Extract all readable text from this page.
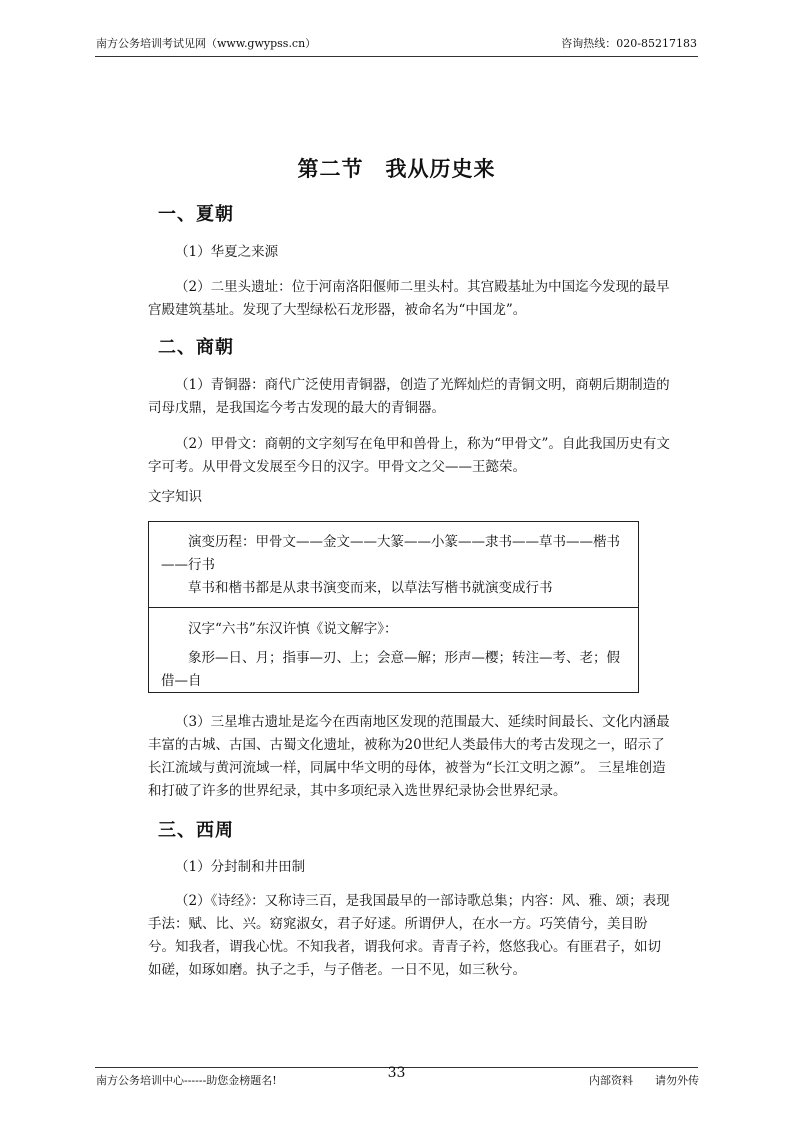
南方公务培训考试见网（www.gwypss.cn）	咨询热线：020-85217183
第二节　我从历史来
一、夏朝

（1）华夏之来源

（2）二里头遗址：位于河南洛阳偃师二里头村。其宫殿基址为中国迄今发现的最早宫殿建筑基址。发现了大型绿松石龙形器，被命名为“中国龙”。

二、商朝

（1）青铜器：商代广泛使用青铜器，创造了光辉灿烂的青铜文明，商朝后期制造的司母戊鼎，是我国迄今考古发现的最大的青铜器。

（2）甲骨文：商朝的文字刻写在龟甲和兽骨上，称为“甲骨文”。自此我国历史有文字可考。从甲骨文发展至今日的汉字。甲骨文之父——王懿荣。

文字知识

演变历程：甲骨文——金文——大篆——小篆——隶书——草书——楷书——行书

草书和楷书都是从隶书演变而来，以草法写楷书就演变成行书

汉字“六书”东汉许慎《说文解字》：

象形—日、月；指事—刃、上；会意—解；形声—樱；转注—考、老；假借—自

（3）三星堆古遗址是迄今在西南地区发现的范围最大、延续时间最长、文化内涵最丰富的古城、古国、古蜀文化遗址，被称为20世纪人类最伟大的考古发现之一，昭示了长江流域与黄河流域一样，同属中华文明的母体，被誉为“长江文明之源”。 三星堆创造和打破了许多的世界纪录，其中多项纪录入选世界纪录协会世界纪录。

三、西周

（1）分封制和井田制

（2）《诗经》：又称诗三百，是我国最早的一部诗歌总集；内容：风、雅、颂；表现手法：赋、比、兴。窈窕淑女，君子好逑。所谓伊人，在水一方。巧笑倩兮，美目盼兮。知我者，谓我心忧。不知我者，谓我何求。青青子衿，悠悠我心。有匪君子，如切如磋，如琢如磨。执子之手，与子偕老。一日不见，如三秋兮。

33
南方公务培训中心------助您金榜题名!	内部资料 请勿外传
